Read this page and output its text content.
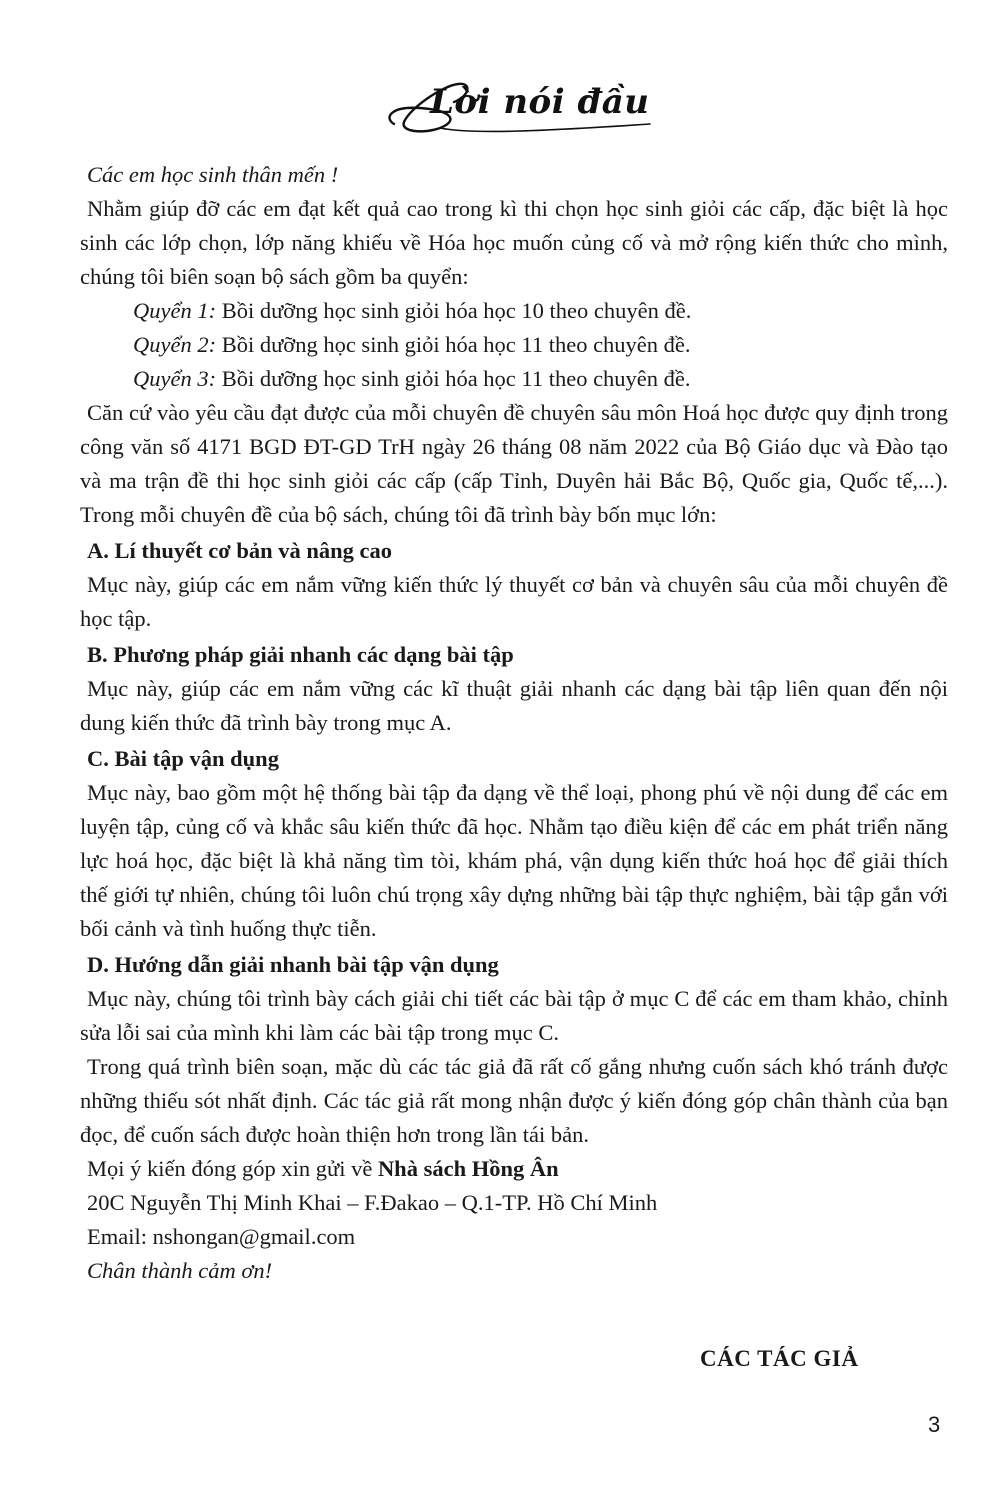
Lời nói đầu

Các em học sinh thân mến !

Nhằm giúp đỡ các em đạt kết quả cao trong kì thi chọn học sinh giỏi các cấp, đặc biệt là học sinh các lớp chọn, lớp năng khiếu về Hóa học muốn củng cố và mở rộng kiến thức cho mình, chúng tôi biên soạn bộ sách gồm ba quyển:

Quyển 1: Bồi dưỡng học sinh giỏi hóa học 10 theo chuyên đề.

Quyển 2: Bồi dưỡng học sinh giỏi hóa học 11 theo chuyên đề.

Quyển 3: Bồi dưỡng học sinh giỏi hóa học 11 theo chuyên đề.

Căn cứ vào yêu cầu đạt được của mỗi chuyên đề chuyên sâu môn Hoá học được quy định trong công văn số 4171 BGD ĐT-GD TrH ngày 26 tháng 08 năm 2022 của Bộ Giáo dục và Đào tạo và ma trận đề thi học sinh giỏi các cấp (cấp Tỉnh, Duyên hải Bắc Bộ, Quốc gia, Quốc tế,...). Trong mỗi chuyên đề của bộ sách, chúng tôi đã trình bày bốn mục lớn:

A. Lí thuyết cơ bản và nâng cao

Mục này, giúp các em nắm vững kiến thức lý thuyết cơ bản và chuyên sâu của mỗi chuyên đề học tập.

B. Phương pháp giải nhanh các dạng bài tập

Mục này, giúp các em nắm vững các kĩ thuật giải nhanh các dạng bài tập liên quan đến nội dung kiến thức đã trình bày trong mục A.

C. Bài tập vận dụng

Mục này, bao gồm một hệ thống bài tập đa dạng về thể loại, phong phú về nội dung để các em luyện tập, củng cố và khắc sâu kiến thức đã học. Nhằm tạo điều kiện để các em phát triển năng lực hoá học, đặc biệt là khả năng tìm tòi, khám phá, vận dụng kiến thức hoá học để giải thích thế giới tự nhiên, chúng tôi luôn chú trọng xây dựng những bài tập thực nghiệm, bài tập gắn với bối cảnh và tình huống thực tiễn.

D. Hướng dẫn giải nhanh bài tập vận dụng

Mục này, chúng tôi trình bày cách giải chi tiết các bài tập ở mục C để các em tham khảo, chỉnh sửa lỗi sai của mình khi làm các bài tập trong mục C.

Trong quá trình biên soạn, mặc dù các tác giả đã rất cố gắng nhưng cuốn sách khó tránh được những thiếu sót nhất định. Các tác giả rất mong nhận được ý kiến đóng góp chân thành của bạn đọc, để cuốn sách được hoàn thiện hơn trong lần tái bản.

Mọi ý kiến đóng góp xin gửi về Nhà sách Hồng Ân

20C Nguyễn Thị Minh Khai – F.Đakao – Q.1-TP. Hồ Chí Minh

Email: nshongan@gmail.com

Chân thành cảm ơn!

CÁC TÁC GIẢ
3
